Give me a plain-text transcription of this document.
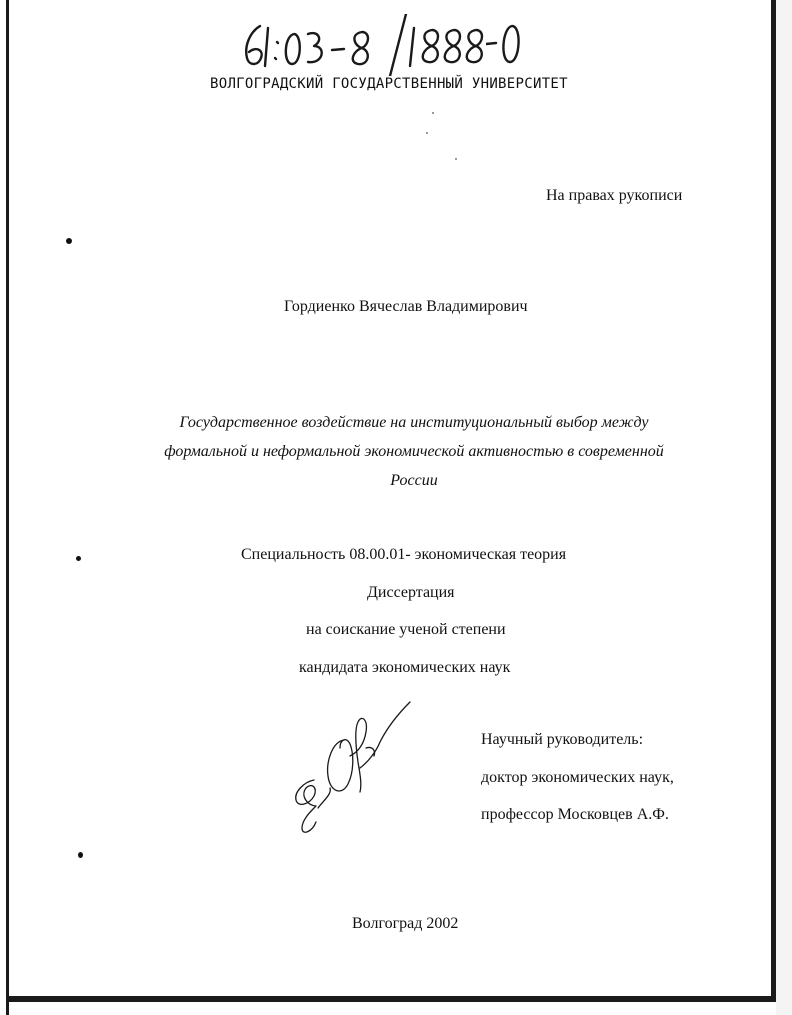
ВОЛГОГРАДСКИЙ ГОСУДАРСТВЕННЫЙ УНИВЕРСИТЕТ
На правах рукописи
Гордиенко Вячеслав Владимирович
Государственное воздействие на институциональный выбор между
формальной и неформальной экономической активностью в современной
России
Специальность 08.00.01- экономическая теория
Диссертация
на соискание ученой степени
кандидата экономических наук
Научный руководитель:
доктор экономических наук,
профессор Московцев А.Ф.
Волгоград 2002
